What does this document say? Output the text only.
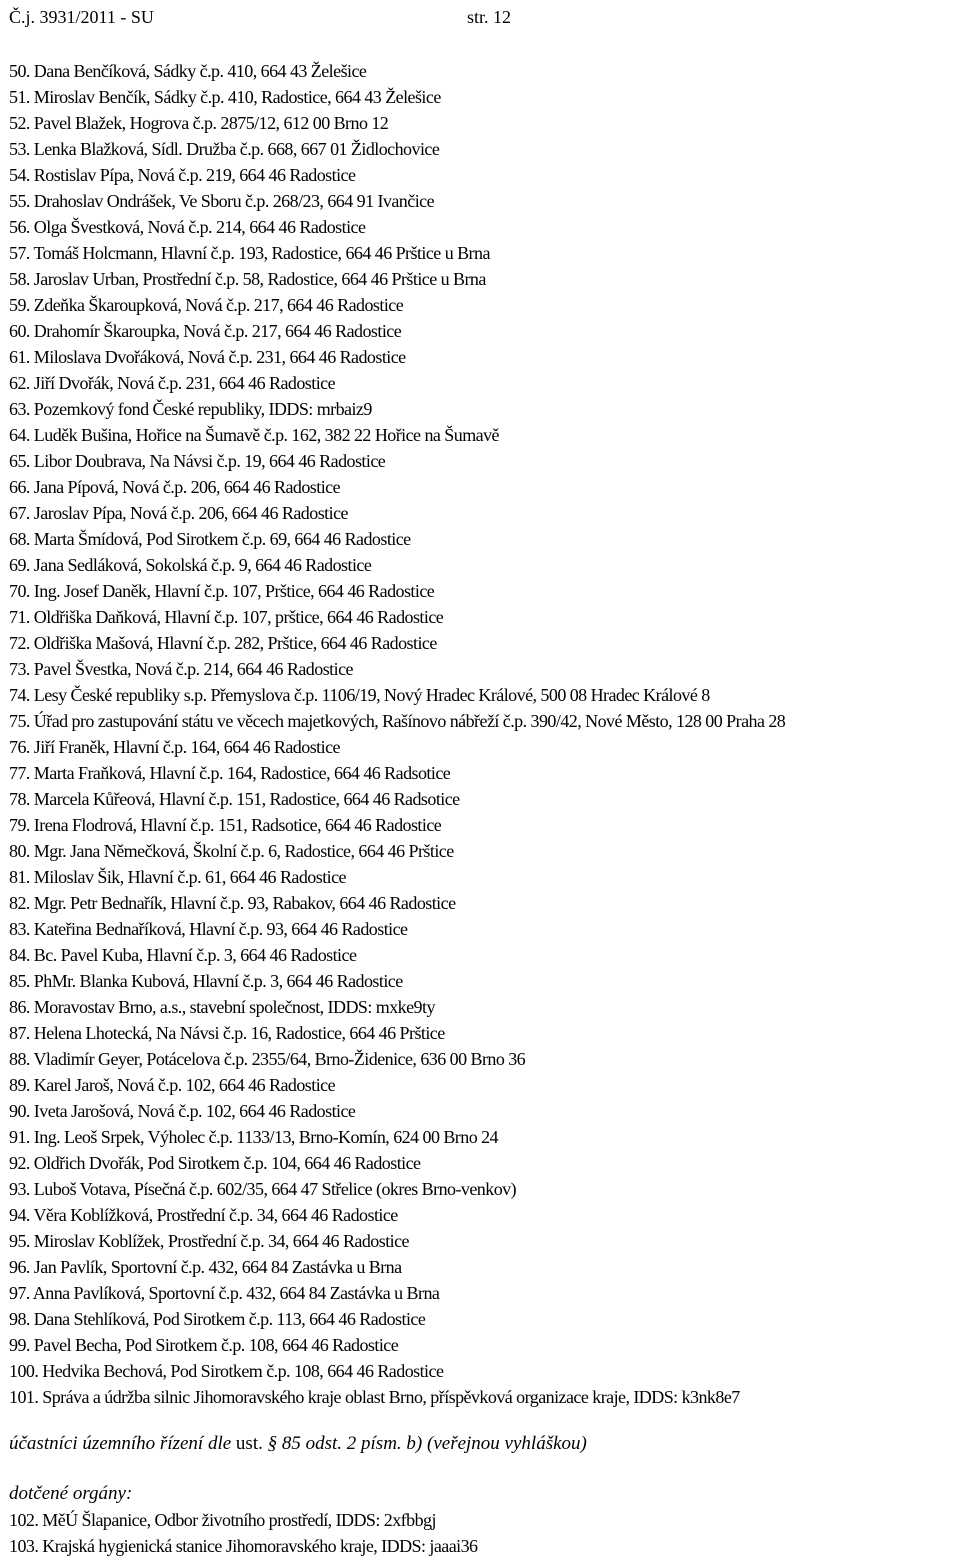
Č.j. 3931/2011 - SU	str. 12
50. Dana Benčíková, Sádky č.p. 410, 664 43 Želešice
51. Miroslav Benčík, Sádky č.p. 410, Radostice, 664 43 Želešice
52. Pavel Blažek, Hogrova č.p. 2875/12, 612 00 Brno 12
53. Lenka Blažková, Sídl. Družba č.p. 668, 667 01 Židlochovice
54. Rostislav Pípa, Nová č.p. 219, 664 46 Radostice
55. Drahoslav Ondrášek, Ve Sboru č.p. 268/23, 664 91 Ivančice
56. Olga Švestková, Nová č.p. 214, 664 46 Radostice
57. Tomáš Holcmann, Hlavní č.p. 193, Radostice, 664 46 Prštice u Brna
58. Jaroslav Urban, Prostřední č.p. 58, Radostice, 664 46 Prštice u Brna
59. Zdeňka Škaroupková, Nová č.p. 217, 664 46 Radostice
60. Drahomír Škaroupka, Nová č.p. 217, 664 46 Radostice
61. Miloslava Dvořáková, Nová č.p. 231, 664 46 Radostice
62. Jiří Dvořák, Nová č.p. 231, 664 46 Radostice
63. Pozemkový fond České republiky, IDDS: mrbaiz9
64. Luděk Bušina, Hořice na Šumavě č.p. 162, 382 22 Hořice na Šumavě
65. Libor Doubrava, Na Návsi č.p. 19, 664 46 Radostice
66. Jana Pípová, Nová č.p. 206, 664 46 Radostice
67. Jaroslav Pípa, Nová č.p. 206, 664 46 Radostice
68. Marta Šmídová, Pod Sirotkem č.p. 69, 664 46 Radostice
69. Jana Sedláková, Sokolská č.p. 9, 664 46 Radostice
70. Ing. Josef Daněk, Hlavní č.p. 107, Prštice, 664 46 Radostice
71. Oldřiška Daňková, Hlavní č.p. 107, prštice, 664 46 Radostice
72. Oldřiška Mašová, Hlavní č.p. 282, Prštice, 664 46 Radostice
73. Pavel Švestka, Nová č.p. 214, 664 46 Radostice
74. Lesy České republiky s.p. Přemyslova č.p. 1106/19, Nový Hradec Králové, 500 08 Hradec Králové 8
75. Úřad pro zastupování státu ve věcech majetkových, Rašínovo nábřeží č.p. 390/42, Nové Město, 128 00 Praha 28
76. Jiří Franěk, Hlavní č.p. 164, 664 46 Radostice
77. Marta Fraňková, Hlavní č.p. 164, Radostice, 664 46 Radsotice
78. Marcela Kůřeová, Hlavní č.p. 151, Radostice, 664 46 Radsotice
79. Irena Flodrová, Hlavní č.p. 151, Radsotice, 664 46 Radostice
80. Mgr. Jana Němečková, Školní č.p. 6, Radostice, 664 46 Prštice
81. Miloslav Šik, Hlavní č.p. 61, 664 46 Radostice
82. Mgr. Petr Bednařík, Hlavní č.p. 93, Rabakov, 664 46 Radostice
83. Kateřina Bednaříková, Hlavní č.p. 93, 664 46 Radostice
84. Bc. Pavel Kuba, Hlavní č.p. 3, 664 46 Radostice
85. PhMr. Blanka Kubová, Hlavní č.p. 3, 664 46 Radostice
86. Moravostav Brno, a.s., stavební společnost, IDDS: mxke9ty
87. Helena Lhotecká, Na Návsi č.p. 16, Radostice, 664 46 Prštice
88. Vladimír Geyer, Potácelova č.p. 2355/64, Brno-Židenice, 636 00 Brno 36
89. Karel Jaroš, Nová č.p. 102, 664 46 Radostice
90. Iveta Jarošová, Nová č.p. 102, 664 46 Radostice
91. Ing. Leoš Srpek, Výholec č.p. 1133/13, Brno-Komín, 624 00 Brno 24
92. Oldřich Dvořák, Pod Sirotkem č.p. 104, 664 46 Radostice
93. Luboš Votava, Písečná č.p. 602/35, 664 47 Střelice (okres Brno-venkov)
94. Věra Koblížková, Prostřední č.p. 34, 664 46 Radostice
95. Miroslav Koblížek, Prostřední č.p. 34, 664 46 Radostice
96. Jan Pavlík, Sportovní č.p. 432, 664 84 Zastávka u Brna
97. Anna Pavlíková, Sportovní č.p. 432, 664 84 Zastávka u Brna
98. Dana Stehlíková, Pod Sirotkem č.p. 113, 664 46 Radostice
99. Pavel Becha, Pod Sirotkem č.p. 108, 664 46 Radostice
100. Hedvika Bechová, Pod Sirotkem č.p. 108, 664 46 Radostice
101. Správa a údržba silnic Jihomoravského kraje oblast Brno, příspěvková organizace kraje, IDDS: k3nk8e7
účastníci územního řízení dle ust. § 85 odst. 2 písm. b) (veřejnou vyhláškou)
dotčené orgány:
102. MěÚ Šlapanice, Odbor životního prostředí, IDDS: 2xfbbgj
103. Krajská hygienická stanice Jihomoravského kraje, IDDS: jaaai36
